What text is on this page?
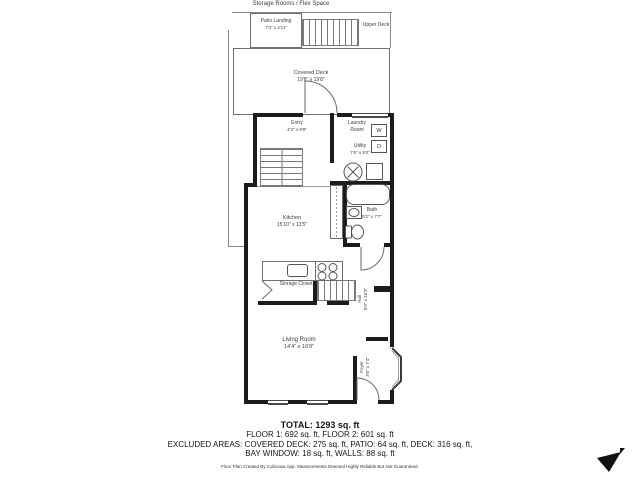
Storage Rooms / Flex Space
Patio Landing
7'3" x 4'11"	Upper Deck
Covered Deck
19'8" x 19'8"
W
D
Entry
4'3" x 9'8"
Laundry Room
Utility
7'6" x 9'2"
Bath
5'2" x 7'7"
Kitchen
15'10" x 13'5"
Storage Closet
Hall 5'0" x 15'3"
Living Room
14'4" x 16'9"
Foyer 3'6" x 7'4"
TOTAL: 1293 sq. ft
FLOOR 1: 692 sq. ft, FLOOR 2: 601 sq. ft
EXCLUDED AREAS: COVERED DECK: 275 sq. ft, PATIO: 64 sq. ft, DECK: 316 sq. ft,
BAY WINDOW: 18 sq. ft, WALLS: 88 sq. ft
Floor Plan Created By Cubicasa App. Measurements Deemed Highly Reliable But Not Guaranteed.
